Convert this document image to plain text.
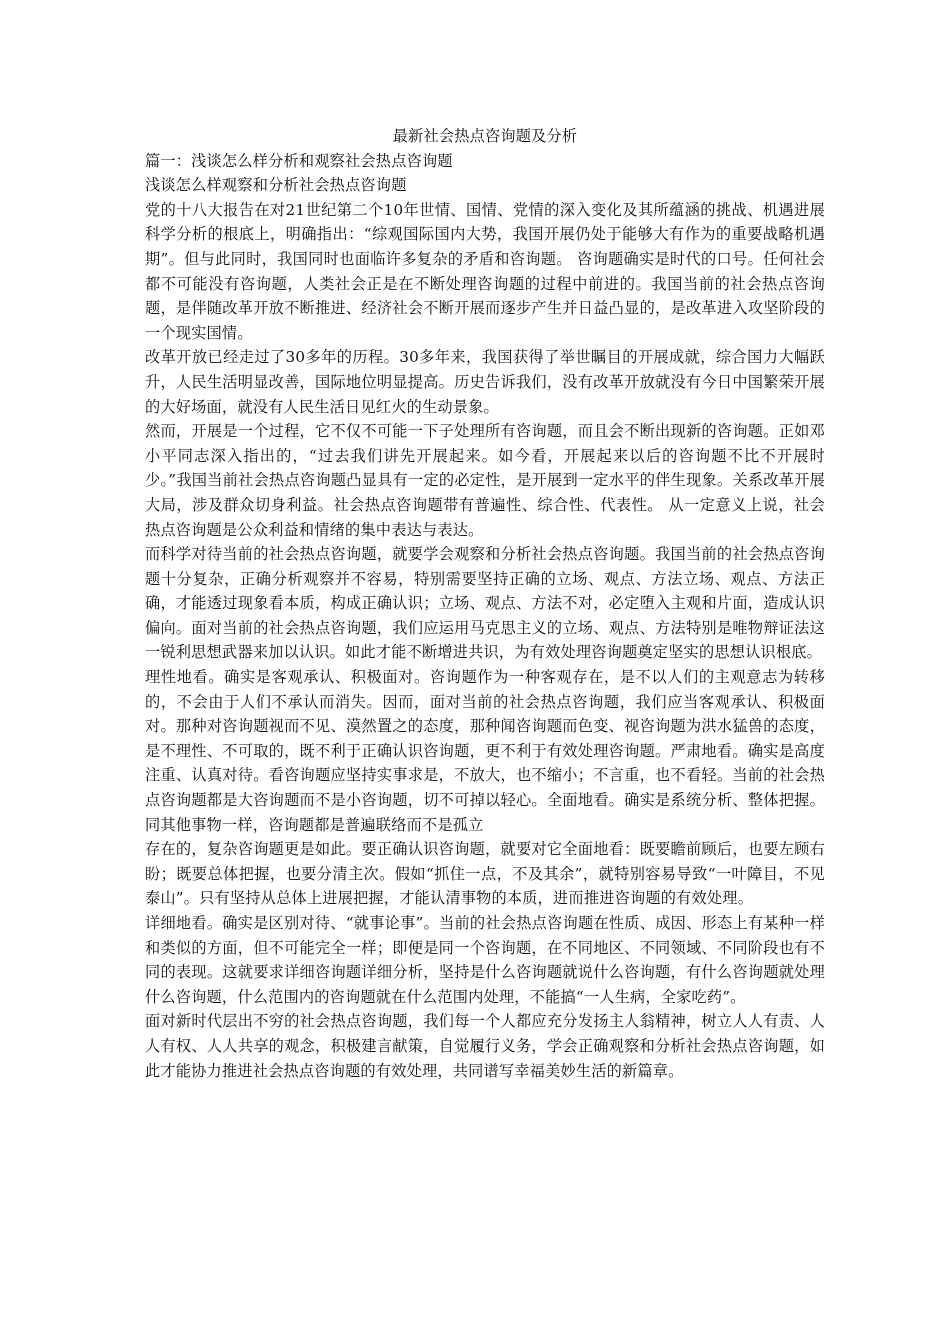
最新社会热点咨询题及分析
篇一：浅谈怎么样分析和观察社会热点咨询题
浅谈怎么样观察和分析社会热点咨询题
党的十八大报告在对21世纪第二个10年世情、国情、党情的深入变化及其所蕴涵的挑战、机遇进展科学分析的根底上，明确指出：“综观国际国内大势，我国开展仍处于能够大有作为的重要战略机遇期”。但与此同时，我国同时也面临许多复杂的矛盾和咨询题。 咨询题确实是时代的口号。任何社会都不可能没有咨询题，人类社会正是在不断处理咨询题的过程中前进的。我国当前的社会热点咨询题，是伴随改革开放不断推进、经济社会不断开展而逐步产生并日益凸显的，是改革进入攻坚阶段的一个现实国情。
改革开放已经走过了30多年的历程。30多年来，我国获得了举世瞩目的开展成就，综合国力大幅跃升，人民生活明显改善，国际地位明显提高。历史告诉我们，没有改革开放就没有今日中国繁荣开展的大好场面，就没有人民生活日见红火的生动景象。
然而，开展是一个过程，它不仅不可能一下子处理所有咨询题，而且会不断出现新的咨询题。正如邓小平同志深入指出的，“过去我们讲先开展起来。如今看，开展起来以后的咨询题不比不开展时少。”我国当前社会热点咨询题凸显具有一定的必定性，是开展到一定水平的伴生现象。关系改革开展大局，涉及群众切身利益。社会热点咨询题带有普遍性、综合性、代表性。 从一定意义上说，社会热点咨询题是公众利益和情绪的集中表达与表达。
而科学对待当前的社会热点咨询题，就要学会观察和分析社会热点咨询题。我国当前的社会热点咨询题十分复杂，正确分析观察并不容易，特别需要坚持正确的立场、观点、方法立场、观点、方法正确，才能透过现象看本质，构成正确认识；立场、观点、方法不对，必定堕入主观和片面，造成认识偏向。面对当前的社会热点咨询题，我们应运用马克思主义的立场、观点、方法特别是唯物辩证法这一锐利思想武器来加以认识。如此才能不断增进共识，为有效处理咨询题奠定坚实的思想认识根底。
理性地看。确实是客观承认、积极面对。咨询题作为一种客观存在，是不以人们的主观意志为转移的，不会由于人们不承认而消失。因而，面对当前的社会热点咨询题，我们应当客观承认、积极面对。那种对咨询题视而不见、漠然置之的态度，那种闻咨询题而色变、视咨询题为洪水猛兽的态度，是不理性、不可取的，既不利于正确认识咨询题，更不利于有效处理咨询题。严肃地看。确实是高度注重、认真对待。看咨询题应坚持实事求是，不放大，也不缩小；不言重，也不看轻。当前的社会热点咨询题都是大咨询题而不是小咨询题，切不可掉以轻心。全面地看。确实是系统分析、整体把握。同其他事物一样，咨询题都是普遍联络而不是孤立
存在的，复杂咨询题更是如此。要正确认识咨询题，就要对它全面地看：既要瞻前顾后，也要左顾右盼；既要总体把握，也要分清主次。假如“抓住一点，不及其余”，就特别容易导致“一叶障目，不见泰山”。只有坚持从总体上进展把握，才能认清事物的本质，进而推进咨询题的有效处理。
详细地看。确实是区别对待、“就事论事”。当前的社会热点咨询题在性质、成因、形态上有某种一样和类似的方面，但不可能完全一样；即便是同一个咨询题，在不同地区、不同领域、不同阶段也有不同的表现。这就要求详细咨询题详细分析，坚持是什么咨询题就说什么咨询题，有什么咨询题就处理什么咨询题，什么范围内的咨询题就在什么范围内处理，不能搞“一人生病，全家吃药”。
面对新时代层出不穷的社会热点咨询题，我们每一个人都应充分发扬主人翁精神，树立人人有责、人人有权、人人共享的观念，积极建言献策，自觉履行义务，学会正确观察和分析社会热点咨询题，如此才能协力推进社会热点咨询题的有效处理，共同谱写幸福美妙生活的新篇章。
